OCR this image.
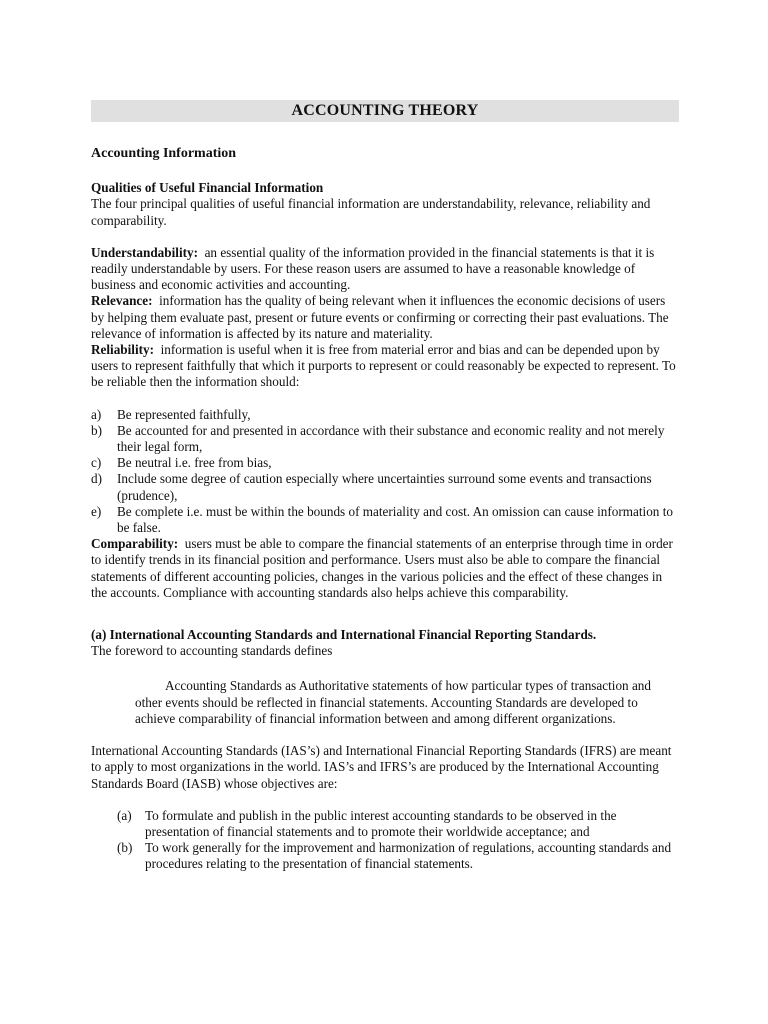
ACCOUNTING THEORY
Accounting Information
Qualities of Useful Financial Information

The four principal qualities of useful financial information are understandability, relevance, reliability and comparability.

Understandability: an essential quality of the information provided in the financial statements is that it is readily understandable by users. For these reason users are assumed to have a reasonable knowledge of business and economic activities and accounting.

Relevance: information has the quality of being relevant when it influences the economic decisions of users by helping them evaluate past, present or future events or confirming or correcting their past evaluations. The relevance of information is affected by its nature and materiality.

Reliability: information is useful when it is free from material error and bias and can be depended upon by users to represent faithfully that which it purports to represent or could reasonably be expected to represent. To be reliable then the information should:

a) Be represented faithfully,
b) Be accounted for and presented in accordance with their substance and economic reality and not merely their legal form,
c) Be neutral i.e. free from bias,
d) Include some degree of caution especially where uncertainties surround some events and transactions (prudence),
e) Be complete i.e. must be within the bounds of materiality and cost. An omission can cause information to be false.

Comparability: users must be able to compare the financial statements of an enterprise through time in order to identify trends in its financial position and performance. Users must also be able to compare the financial statements of different accounting policies, changes in the various policies and the effect of these changes in the accounts. Compliance with accounting standards also helps achieve this comparability.

(a) International Accounting Standards and International Financial Reporting Standards.

The foreword to accounting standards defines

Accounting Standards as Authoritative statements of how particular types of transaction and other events should be reflected in financial statements. Accounting Standards are developed to achieve comparability of financial information between and among different organizations.

International Accounting Standards (IAS’s) and International Financial Reporting Standards (IFRS) are meant to apply to most organizations in the world. IAS’s and IFRS’s are produced by the International Accounting Standards Board (IASB) whose objectives are:

(a) To formulate and publish in the public interest accounting standards to be observed in the presentation of financial statements and to promote their worldwide acceptance; and
(b) To work generally for the improvement and harmonization of regulations, accounting standards and procedures relating to the presentation of financial statements.
